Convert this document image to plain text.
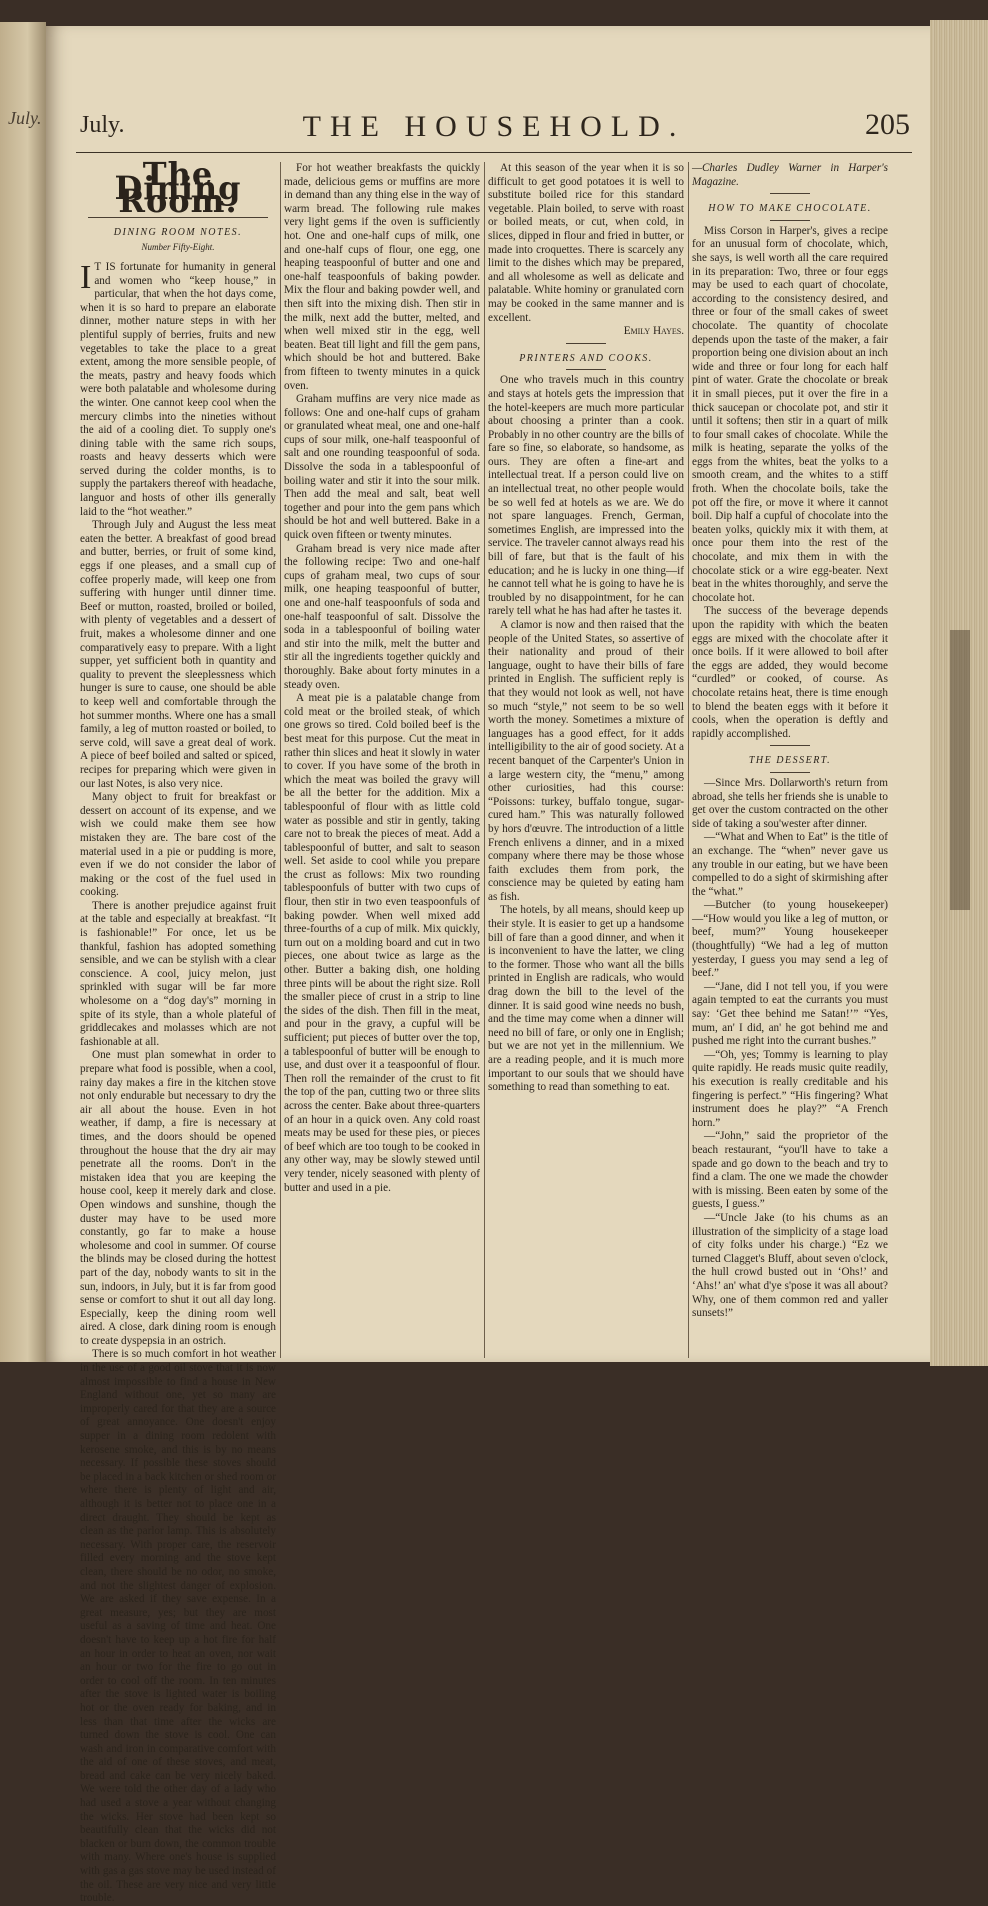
July. July.	THE HOUSEHOLD.	205
The Dining Room.
DINING ROOM NOTES.
Number Fifty-Eight.

I T IS fortunate for humanity in general and women who “keep house,” in particular, that when the hot days come, when it is so hard to prepare an elaborate dinner, mother nature steps in with her plentiful supply of berries, fruits and new vegetables to take the place to a great extent, among the more sensible people, of the meats, pastry and heavy foods which were both palatable and wholesome during the winter. One cannot keep cool when the mercury climbs into the nineties without the aid of a cooling diet. To supply one's dining table with the same rich soups, roasts and heavy desserts which were served during the colder months, is to supply the partakers thereof with headache, languor and hosts of other ills generally laid to the “hot weather.”

Through July and August the less meat eaten the better. A breakfast of good bread and butter, berries, or fruit of some kind, eggs if one pleases, and a small cup of coffee properly made, will keep one from suffering with hunger until dinner time. Beef or mutton, roasted, broiled or boiled, with plenty of vegetables and a dessert of fruit, makes a wholesome dinner and one comparatively easy to prepare. With a light supper, yet sufficient both in quantity and quality to prevent the sleeplessness which hunger is sure to cause, one should be able to keep well and comfortable through the hot summer months. Where one has a small family, a leg of mutton roasted or boiled, to serve cold, will save a great deal of work. A piece of beef boiled and salted or spiced, recipes for preparing which were given in our last Notes, is also very nice.

Many object to fruit for breakfast or dessert on account of its expense, and we wish we could make them see how mistaken they are. The bare cost of the material used in a pie or pudding is more, even if we do not consider the labor of making or the cost of the fuel used in cooking.

There is another prejudice against fruit at the table and especially at breakfast. “It is fashionable!” For once, let us be thankful, fashion has adopted something sensible, and we can be stylish with a clear conscience. A cool, juicy melon, just sprinkled with sugar will be far more wholesome on a “dog day's” morning in spite of its style, than a whole plateful of griddlecakes and molasses which are not fashionable at all.

One must plan somewhat in order to prepare what food is possible, when a cool, rainy day makes a fire in the kitchen stove not only endurable but necessary to dry the air all about the house. Even in hot weather, if damp, a fire is necessary at times, and the doors should be opened throughout the house that the dry air may penetrate all the rooms. Don't in the mistaken idea that you are keeping the house cool, keep it merely dark and close. Open windows and sunshine, though the duster may have to be used more constantly, go far to make a house wholesome and cool in summer. Of course the blinds may be closed during the hottest part of the day, nobody wants to sit in the sun, indoors, in July, but it is far from good sense or comfort to shut it out all day long. Especially, keep the dining room well aired. A close, dark dining room is enough to create dyspepsia in an ostrich.

There is so much comfort in hot weather in the use of a good oil stove that it is now almost impossible to find a house in New England without one, yet so many are improperly cared for that they are a source of great annoyance. One doesn't enjoy supper in a dining room redolent with kerosene smoke, and this is by no means necessary. If possible these stoves should be placed in a back kitchen or shed room or where there is plenty of light and air, although it is better not to place one in a direct draught. They should be kept as clean as the parlor lamp. This is absolutely necessary. With proper care, the reservoir filled every morning and the stove kept clean, there should be no odor, no smoke, and not the slightest danger of explosion. We are asked if they save expense. In a great measure, yes; but they are most useful as a saving of time and heat. One doesn't have to keep up a hot fire for half an hour in order to heat an oven, nor wait an hour or two for the fire to go out in order to cool off the room. In ten minutes after the stove is lighted water is boiling hot or the oven ready for baking, and in less than that time after the wicks are turned down the stove is cool. One can wash and iron in comparative comfort with the aid of one of these stoves, and meat, bread and cake can be very nicely baked. We were told the other day of a lady who had used a stove a year without changing the wicks. Her stove had been kept so beautifully clean that the wicks did not blacken or burn down, the common trouble with many. Where one's house is supplied with gas a gas stove may be used instead of the oil. These are very nice and very little trouble.

For hot weather breakfasts the quickly made, delicious gems or muffins are more in demand than any thing else in the way of warm bread. The following rule makes very light gems if the oven is sufficiently hot. One and one-half cups of milk, one and one-half cups of flour, one egg, one heaping teaspoonful of butter and one and one-half teaspoonfuls of baking powder. Mix the flour and baking powder well, and then sift into the mixing dish. Then stir in the milk, next add the butter, melted, and when well mixed stir in the egg, well beaten. Beat till light and fill the gem pans, which should be hot and buttered. Bake from fifteen to twenty minutes in a quick oven.

Graham muffins are very nice made as follows: One and one-half cups of graham or granulated wheat meal, one and one-half cups of sour milk, one-half teaspoonful of salt and one rounding teaspoonful of soda. Dissolve the soda in a tablespoonful of boiling water and stir it into the sour milk. Then add the meal and salt, beat well together and pour into the gem pans which should be hot and well buttered. Bake in a quick oven fifteen or twenty minutes.

Graham bread is very nice made after the following recipe: Two and one-half cups of graham meal, two cups of sour milk, one heaping teaspoonful of butter, one and one-half teaspoonfuls of soda and one-half teaspoonful of salt. Dissolve the soda in a tablespoonful of boiling water and stir into the milk, melt the butter and stir all the ingredients together quickly and thoroughly. Bake about forty minutes in a steady oven.

A meat pie is a palatable change from cold meat or the broiled steak, of which one grows so tired. Cold boiled beef is the best meat for this purpose. Cut the meat in rather thin slices and heat it slowly in water to cover. If you have some of the broth in which the meat was boiled the gravy will be all the better for the addition. Mix a tablespoonful of flour with as little cold water as possible and stir in gently, taking care not to break the pieces of meat. Add a tablespoonful of butter, and salt to season well. Set aside to cool while you prepare the crust as follows: Mix two rounding tablespoonfuls of butter with two cups of flour, then stir in two even teaspoonfuls of baking powder. When well mixed add three-fourths of a cup of milk. Mix quickly, turn out on a molding board and cut in two pieces, one about twice as large as the other. Butter a baking dish, one holding three pints will be about the right size. Roll the smaller piece of crust in a strip to line the sides of the dish. Then fill in the meat, and pour in the gravy, a cupful will be sufficient; put pieces of butter over the top, a tablespoonful of butter will be enough to use, and dust over it a teaspoonful of flour. Then roll the remainder of the crust to fit the top of the pan, cutting two or three slits across the center. Bake about three-quarters of an hour in a quick oven. Any cold roast meats may be used for these pies, or pieces of beef which are too tough to be cooked in any other way, may be slowly stewed until very tender, nicely seasoned with plenty of butter and used in a pie.

At this season of the year when it is so difficult to get good potatoes it is well to substitute boiled rice for this standard vegetable. Plain boiled, to serve with roast or boiled meats, or cut, when cold, in slices, dipped in flour and fried in butter, or made into croquettes. There is scarcely any limit to the dishes which may be prepared, and all wholesome as well as delicate and palatable. White hominy or granulated corn may be cooked in the same manner and is excellent.

Emily Hayes.

PRINTERS AND COOKS.

One who travels much in this country and stays at hotels gets the impression that the hotel-keepers are much more particular about choosing a printer than a cook. Probably in no other country are the bills of fare so fine, so elaborate, so handsome, as ours. They are often a fine-art and intellectual treat. If a person could live on an intellectual treat, no other people would be so well fed at hotels as we are. We do not spare languages. French, German, sometimes English, are impressed into the service. The traveler cannot always read his bill of fare, but that is the fault of his education; and he is lucky in one thing—if he cannot tell what he is going to have he is troubled by no disappointment, for he can rarely tell what he has had after he tastes it.

A clamor is now and then raised that the people of the United States, so assertive of their nationality and proud of their language, ought to have their bills of fare printed in English. The sufficient reply is that they would not look as well, not have so much “style,” not seem to be so well worth the money. Sometimes a mixture of languages has a good effect, for it adds intelligibility to the air of good society. At a recent banquet of the Carpenter's Union in a large western city, the “menu,” among other curiosities, had this course: “Poissons: turkey, buffalo tongue, sugar-cured ham.” This was naturally followed by hors d'œuvre. The introduction of a little French enlivens a dinner, and in a mixed company where there may be those whose faith excludes them from pork, the conscience may be quieted by eating ham as fish.

The hotels, by all means, should keep up their style. It is easier to get up a handsome bill of fare than a good dinner, and when it is inconvenient to have the latter, we cling to the former. Those who want all the bills printed in English are radicals, who would drag down the bill to the level of the dinner. It is said good wine needs no bush, and the time may come when a dinner will need no bill of fare, or only one in English; but we are not yet in the millennium. We are a reading people, and it is much more important to our souls that we should have something to read than something to eat.

—Charles Dudley Warner in Harper's Magazine.

HOW TO MAKE CHOCOLATE.

Miss Corson in Harper's, gives a recipe for an unusual form of chocolate, which, she says, is well worth all the care required in its preparation: Two, three or four eggs may be used to each quart of chocolate, according to the consistency desired, and three or four of the small cakes of sweet chocolate. The quantity of chocolate depends upon the taste of the maker, a fair proportion being one division about an inch wide and three or four long for each half pint of water. Grate the chocolate or break it in small pieces, put it over the fire in a thick saucepan or chocolate pot, and stir it until it softens; then stir in a quart of milk to four small cakes of chocolate. While the milk is heating, separate the yolks of the eggs from the whites, beat the yolks to a smooth cream, and the whites to a stiff froth. When the chocolate boils, take the pot off the fire, or move it where it cannot boil. Dip half a cupful of chocolate into the beaten yolks, quickly mix it with them, at once pour them into the rest of the chocolate, and mix them in with the chocolate stick or a wire egg-beater. Next beat in the whites thoroughly, and serve the chocolate hot.

The success of the beverage depends upon the rapidity with which the beaten eggs are mixed with the chocolate after it once boils. If it were allowed to boil after the eggs are added, they would become “curdled” or cooked, of course. As chocolate retains heat, there is time enough to blend the beaten eggs with it before it cools, when the operation is deftly and rapidly accomplished.

THE DESSERT.

—Since Mrs. Dollarworth's return from abroad, she tells her friends she is unable to get over the custom contracted on the other side of taking a sou'wester after dinner.

—“What and When to Eat” is the title of an exchange. The “when” never gave us any trouble in our eating, but we have been compelled to do a sight of skirmishing after the “what.”

—Butcher (to young housekeeper)—“How would you like a leg of mutton, or beef, mum?” Young housekeeper (thoughtfully) “We had a leg of mutton yesterday, I guess you may send a leg of beef.”

—“Jane, did I not tell you, if you were again tempted to eat the currants you must say: ‘Get thee behind me Satan!’” “Yes, mum, an' I did, an' he got behind me and pushed me right into the currant bushes.”

—“Oh, yes; Tommy is learning to play quite rapidly. He reads music quite readily, his execution is really creditable and his fingering is perfect.” “His fingering? What instrument does he play?” “A French horn.”

—“John,” said the proprietor of the beach restaurant, “you'll have to take a spade and go down to the beach and try to find a clam. The one we made the chowder with is missing. Been eaten by some of the guests, I guess.”

—“Uncle Jake (to his chums as an illustration of the simplicity of a stage load of city folks under his charge.) “Ez we turned Clagget's Bluff, about seven o'clock, the hull crowd busted out in ‘Ohs!’ and ‘Ahs!’ an' what d'ye s'pose it was all about? Why, one of them common red and yaller sunsets!”
